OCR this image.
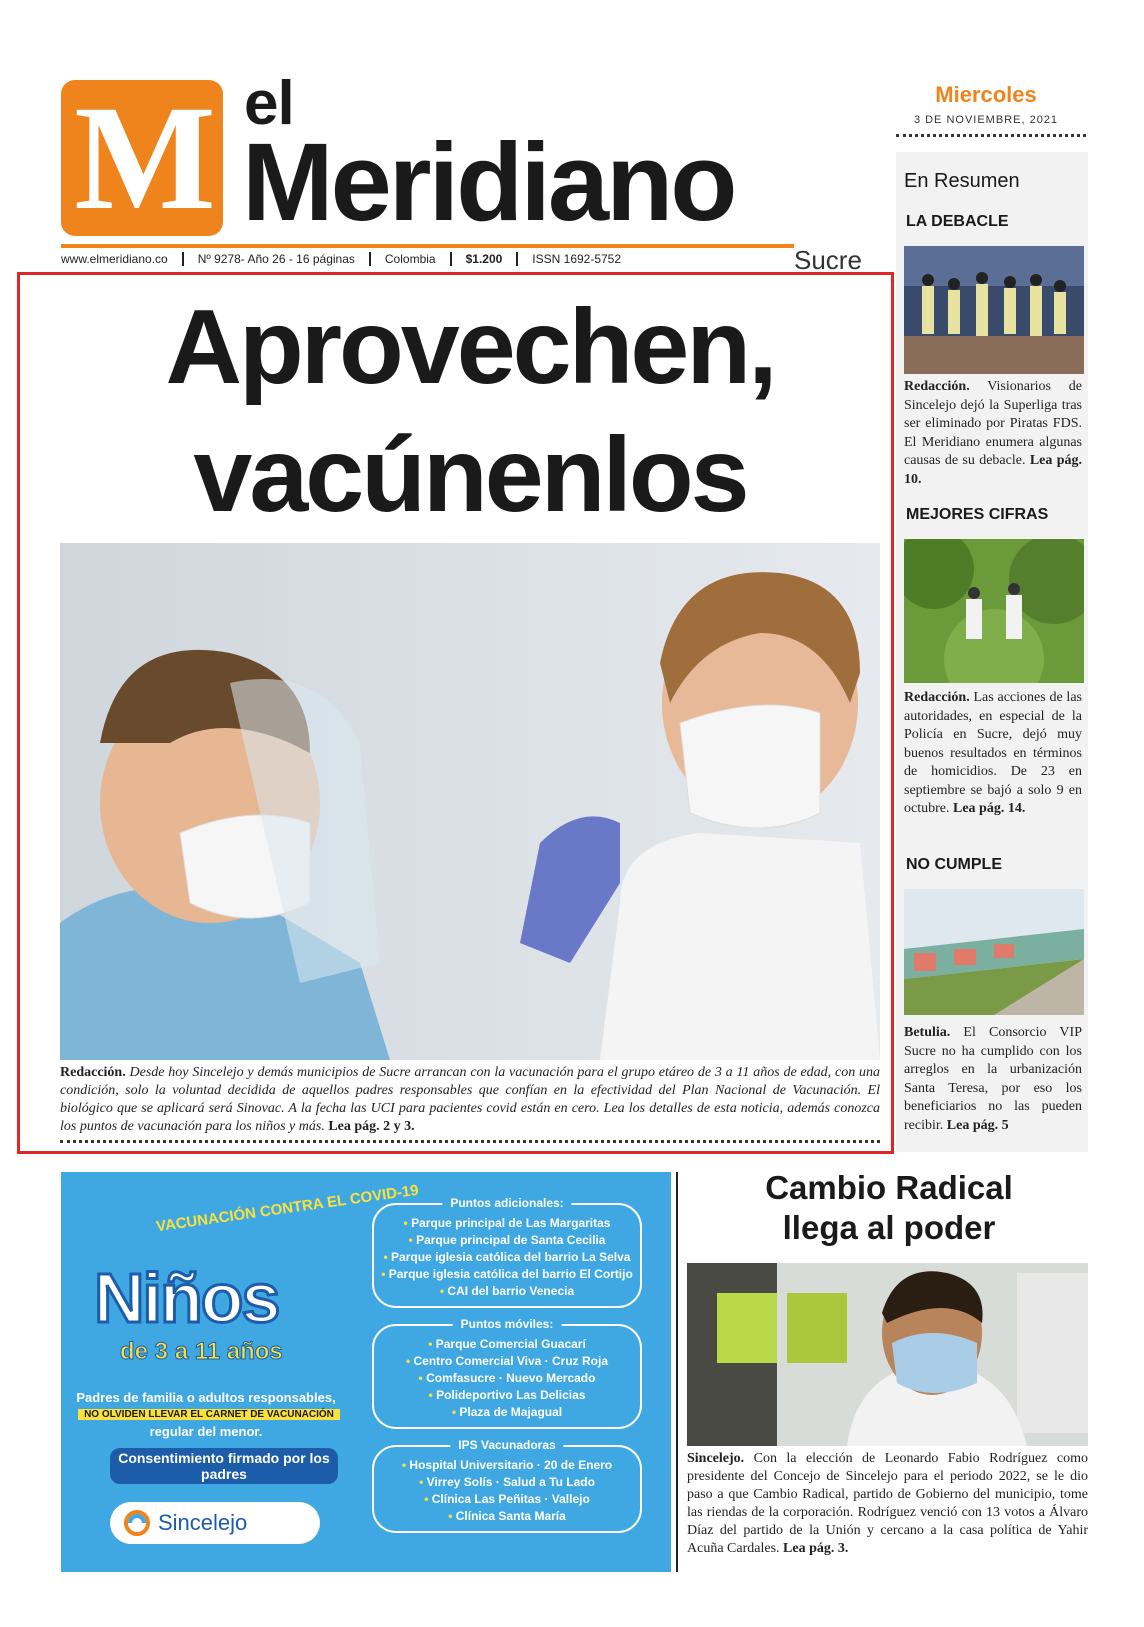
M el
Meridiano
www.elmeridiano.co	Nº 9278- Año 26 - 16 páginas	Colombia	$1.200	ISSN 1692-5752	Sucre
Miercoles
3 DE NOVIEMBRE, 2021
En Resumen
LA DEBACLE
Redacción. Visionarios de Sincelejo dejó la Superliga tras ser eliminado por Piratas FDS. El Meridiano enumera algunas causas de su debacle. Lea pág. 10.
MEJORES CIFRAS
Redacción. Las acciones de las autoridades, en especial de la Policía en Sucre, dejó muy buenos resultados en términos de homicidios. De 23 en septiembre se bajó a solo 9 en octubre. Lea pág. 14.
NO CUMPLE
Betulia. El Consorcio VIP Sucre no ha cumplido con los arreglos en la urbanización Santa Teresa, por eso los beneficiarios no las pueden recibir. Lea pág. 5
Aprovechen,
vacúnenlos
Redacción. Desde hoy Sincelejo y demás municipios de Sucre arrancan con la vacunación para el grupo etáreo de 3 a 11 años de edad, con una condición, solo la voluntad decidida de aquellos padres responsables que confían en la efectividad del Plan Nacional de Vacunación. El biológico que se aplicará será Sinovac. A la fecha las UCI para pacientes covid están en cero. Lea los detalles de esta noticia, además conozca los puntos de vacunación para los niños y más. Lea pág. 2 y 3.
VACUNACIÓN CONTRA EL COVID-19
Niños
de 3 a 11 años
Padres de familia o adultos responsables,
NO OLVIDEN LLEVAR EL CARNET DE VACUNACIÓN
regular del menor.
Consentimiento firmado por los padres
Sincelejo
Puntos adicionales:
• Parque principal de Las Margaritas
• Parque principal de Santa Cecilia
• Parque iglesia católica del barrio La Selva
• Parque iglesia católica del barrio El Cortijo
• CAI del barrio Venecia
Puntos móviles:
• Parque Comercial Guacarí
• Centro Comercial Viva · Cruz Roja
• Comfasucre · Nuevo Mercado
• Polideportivo Las Delicias
• Plaza de Majagual
IPS Vacunadoras
• Hospital Universitario · 20 de Enero
• Virrey Solís · Salud a Tu Lado
• Clínica Las Peñitas · Vallejo
• Clínica Santa María
Cambio Radical
llega al poder
Sincelejo. Con la elección de Leonardo Fabio Rodríguez como presidente del Concejo de Sincelejo para el periodo 2022, se le dio paso a que Cambio Radical, partido de Gobierno del municipio, tome las riendas de la corporación. Rodríguez venció con 13 votos a Álvaro Díaz del partido de la Unión y cercano a la casa política de Yahir Acuña Cardales. Lea pág. 3.
